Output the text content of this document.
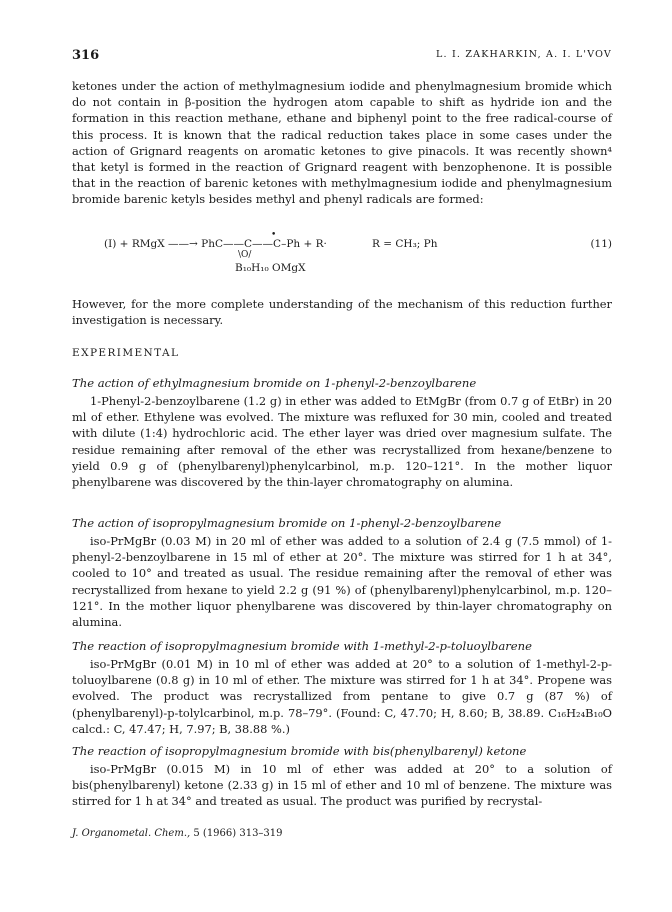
316	L. I. ZAKHARKIN, A. I. L'VOV

ketones under the action of methylmagnesium iodide and phenylmagnesium bromide which do not contain in β-position the hydrogen atom capable to shift as hydride ion and the formation in this reaction methane, ethane and biphenyl point to the free radical-course of this process. It is known that the radical reduction takes place in some cases under the action of Grignard reagents on aromatic ketones to give pinacols. It was recently shown⁴ that ketyl is formed in the reaction of Grignard reagent with benzophenone. It is possible that in the reaction of barenic ketones with methylmagnesium iodide and phenylmagnesium bromide barenic ketyls besides methyl and phenyl radicals are formed:

(I) + RMgX ——→ PhC——C——C–Ph + R·
•
\O/
B₁₀H₁₀ OMgX
R = CH₃; Ph	(11)

However, for the more complete understanding of the mechanism of this reduction further investigation is necessary.

EXPERIMENTAL

The action of ethylmagnesium bromide on 1-phenyl-2-benzoylbarene

1-Phenyl-2-benzoylbarene (1.2 g) in ether was added to EtMgBr (from 0.7 g of EtBr) in 20 ml of ether. Ethylene was evolved. The mixture was refluxed for 30 min, cooled and treated with dilute (1:4) hydrochloric acid. The ether layer was dried over magnesium sulfate. The residue remaining after removal of the ether was recrystallized from hexane/benzene to yield 0.9 g of (phenylbarenyl)phenylcarbinol, m.p. 120–121°. In the mother liquor phenylbarene was discovered by the thin-layer chromatography on alumina.

The action of isopropylmagnesium bromide on 1-phenyl-2-benzoylbarene

iso-PrMgBr (0.03 M) in 20 ml of ether was added to a solution of 2.4 g (7.5 mmol) of 1-phenyl-2-benzoylbarene in 15 ml of ether at 20°. The mixture was stirred for 1 h at 34°, cooled to 10° and treated as usual. The residue remaining after the removal of ether was recrystallized from hexane to yield 2.2 g (91 %) of (phenylbarenyl)phenylcarbinol, m.p. 120–121°. In the mother liquor phenylbarene was discovered by thin-layer chromatography on alumina.

The reaction of isopropylmagnesium bromide with 1-methyl-2-p-toluoylbarene

iso-PrMgBr (0.01 M) in 10 ml of ether was added at 20° to a solution of 1-methyl-2-p-toluoylbarene (0.8 g) in 10 ml of ether. The mixture was stirred for 1 h at 34°. Propene was evolved. The product was recrystallized from pentane to give 0.7 g (87 %) of (phenylbarenyl)-p-tolylcarbinol, m.p. 78–79°. (Found: C, 47.70; H, 8.60; B, 38.89. C₁₆H₂₄B₁₀O calcd.: C, 47.47; H, 7.97; B, 38.88 %.)

The reaction of isopropylmagnesium bromide with bis(phenylbarenyl) ketone

iso-PrMgBr (0.015 M) in 10 ml of ether was added at 20° to a solution of bis(phenylbarenyl) ketone (2.33 g) in 15 ml of ether and 10 ml of benzene. The mixture was stirred for 1 h at 34° and treated as usual. The product was purified by recrystal-

J. Organometal. Chem., 5 (1966) 313–319
